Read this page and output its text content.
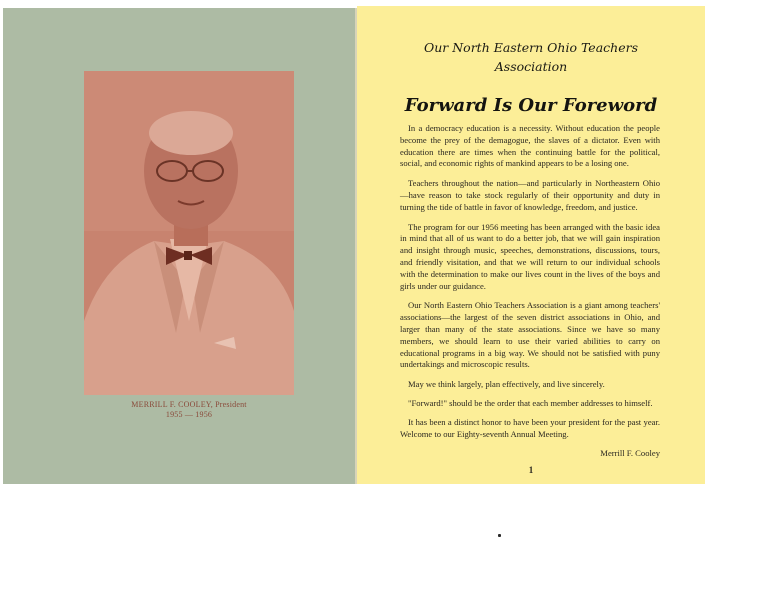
MERRILL F. COOLEY, President
1955 — 1956
Our North Eastern Ohio Teachers
Association
Forward Is Our Foreword

In a democracy education is a necessity. Without education the people become the prey of the demagogue, the slaves of a dictator. Even with education there are times when the continuing battle for the political, social, and economic rights of mankind appears to be a losing one.

Teachers throughout the nation—and particularly in Northeastern Ohio—have reason to take stock regularly of their opportunity and duty in turning the tide of battle in favor of knowledge, freedom, and justice.

The program for our 1956 meeting has been arranged with the basic idea in mind that all of us want to do a better job, that we will gain inspiration and insight through music, speeches, demonstrations, discussions, tours, and friendly visitation, and that we will return to our individual schools with the determination to make our lives count in the lives of the boys and girls under our guidance.

Our North Eastern Ohio Teachers Association is a giant among teachers' associations—the largest of the seven district associations in Ohio, and larger than many of the state associations. Since we have so many members, we should learn to use their varied abilities to carry on educational programs in a big way. We should not be satisfied with puny undertakings and microscopic results.

May we think largely, plan effectively, and live sincerely.

"Forward!" should be the order that each member addresses to himself.

It has been a distinct honor to have been your president for the past year. Welcome to our Eighty-seventh Annual Meeting.

Merrill F. Cooley
1
